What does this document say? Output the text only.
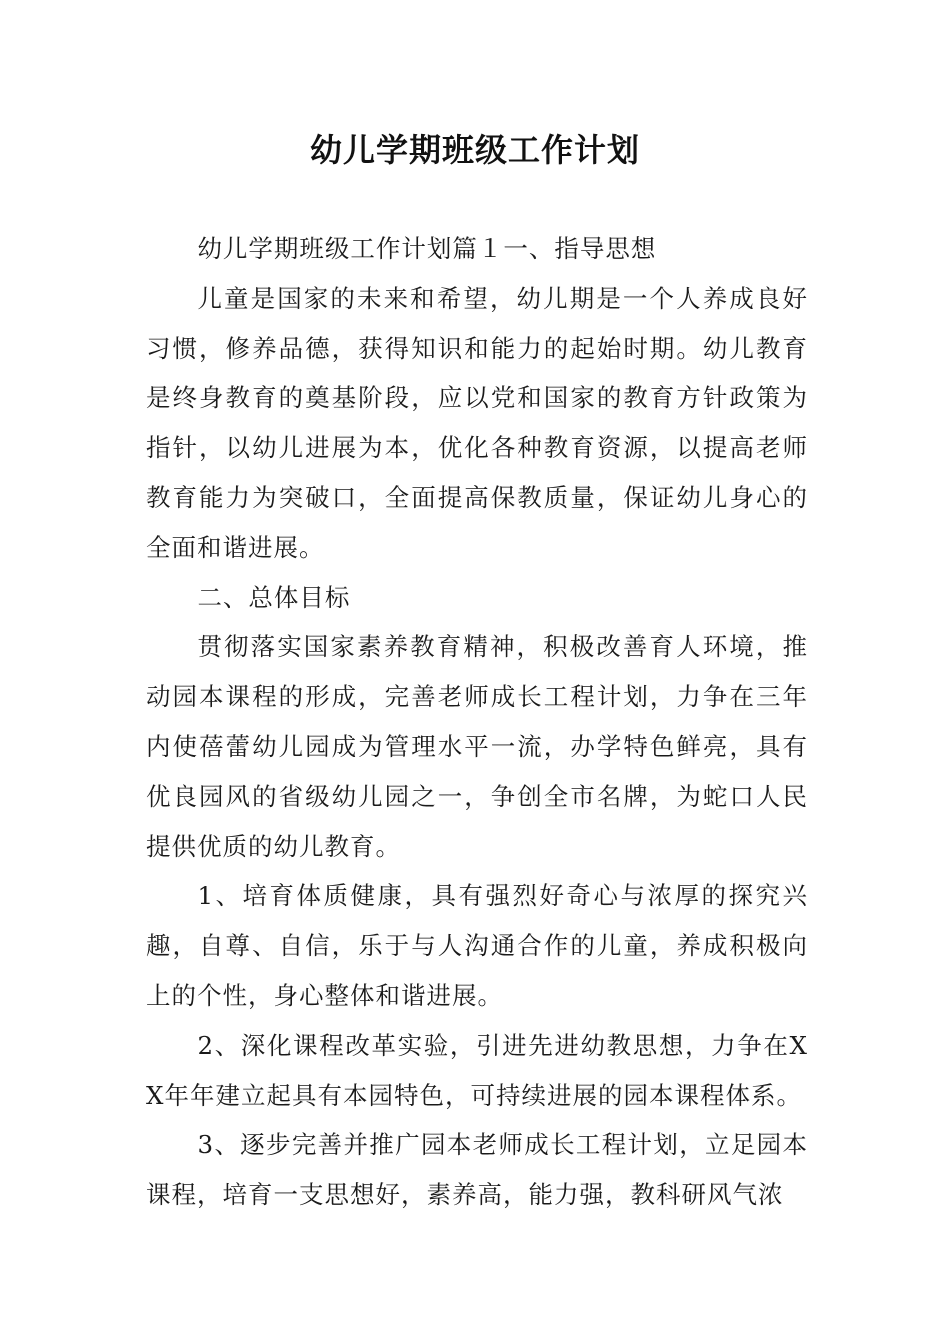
幼儿学期班级工作计划

幼儿学期班级工作计划篇１一、指导思想

儿童是国家的未来和希望，幼儿期是一个人养成良好习惯，修养品德，获得知识和能力的起始时期。幼儿教育是终身教育的奠基阶段，应以党和国家的教育方针政策为指针，以幼儿进展为本，优化各种教育资源，以提高老师教育能力为突破口，全面提高保教质量，保证幼儿身心的全面和谐进展。

二、总体目标

贯彻落实国家素养教育精神，积极改善育人环境，推动园本课程的形成，完善老师成长工程计划，力争在三年内使蓓蕾幼儿园成为管理水平一流，办学特色鲜亮，具有优良园风的省级幼儿园之一，争创全市名牌，为蛇口人民提供优质的幼儿教育。

1、培育体质健康，具有强烈好奇心与浓厚的探究兴趣，自尊、自信，乐于与人沟通合作的儿童，养成积极向上的个性，身心整体和谐进展。

2、深化课程改革实验，引进先进幼教思想，力争在XX年年建立起具有本园特色，可持续进展的园本课程体系。

3、逐步完善并推广园本老师成长工程计划，立足园本课程，培育一支思想好，素养高，能力强，教科研风气浓
